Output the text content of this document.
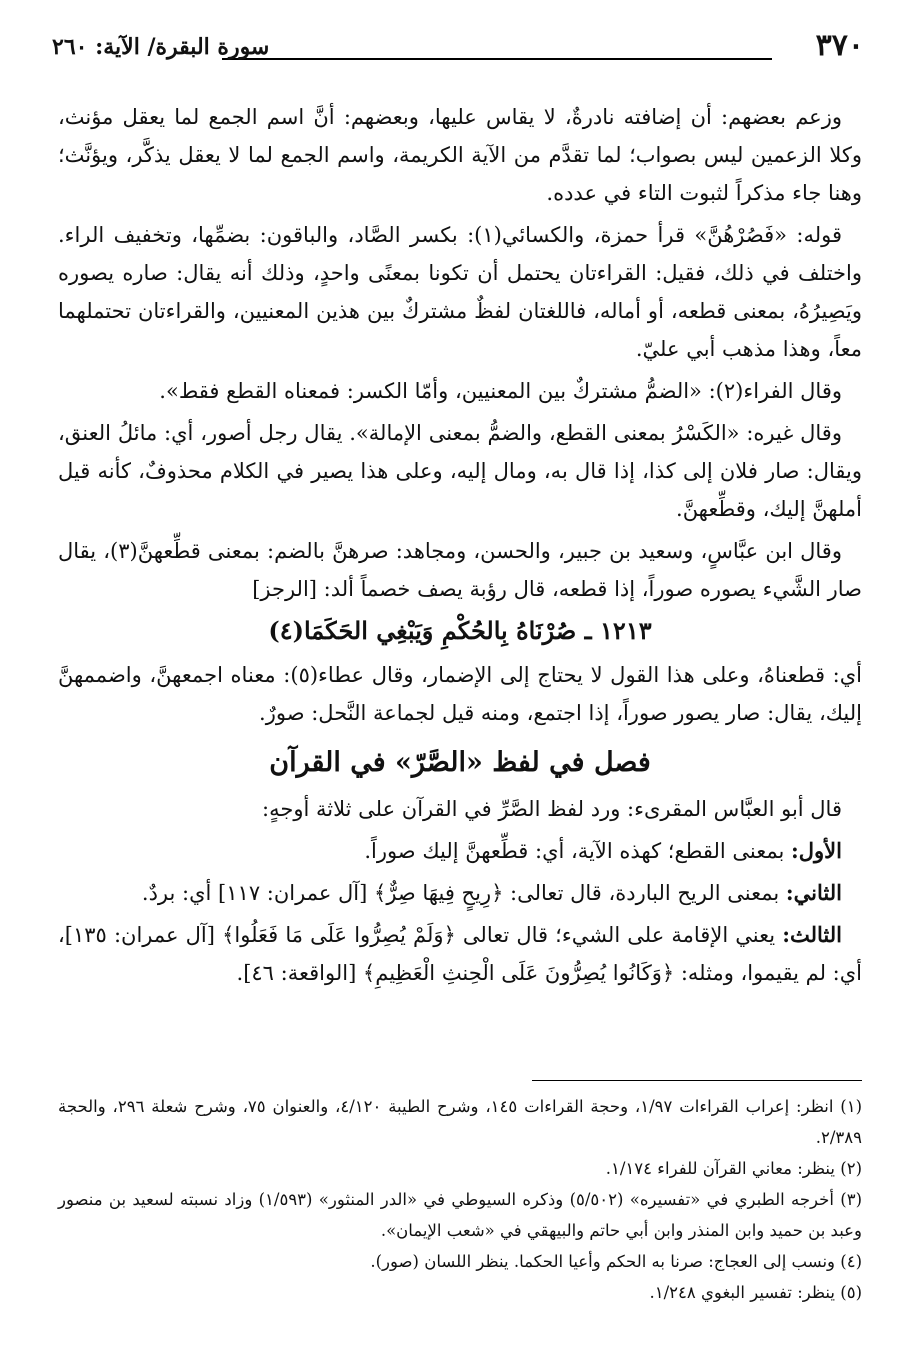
٣٧٠
سورة البقرة/ الآية: ٢٦٠

وزعم بعضهم: أن إضافته نادرةٌ، لا يقاس عليها، وبعضهم: أنَّ اسم الجمع لما يعقل مؤنث، وكلا الزعمين ليس بصواب؛ لما تقدَّم من الآية الكريمة، واسم الجمع لما لا يعقل يذكَّر، ويؤنَّث؛ وهنا جاء مذكراً لثبوت التاء في عدده.

قوله: «فَصُرْهُنَّ» قرأ حمزة، والكسائي(١): بكسر الصَّاد، والباقون: بضمِّها، وتخفيف الراء. واختلف في ذلك، فقيل: القراءتان يحتمل أن تكونا بمعنًى واحدٍ، وذلك أنه يقال: صاره يصوره ويَصِيرُهُ، بمعنى قطعه، أو أماله، فاللغتان لفظٌ مشتركٌ بين هذين المعنيين، والقراءتان تحتملهما معاً، وهذا مذهب أبي عليّ.

وقال الفراء(٢): «الضمُّ مشتركٌ بين المعنيين، وأمّا الكسر: فمعناه القطع فقط».

وقال غيره: «الكَسْرُ بمعنى القطع، والضمُّ بمعنى الإمالة». يقال رجل أصور، أي: مائلُ العنق، ويقال: صار فلان إلى كذا، إذا قال به، ومال إليه، وعلى هذا يصير في الكلام محذوفٌ، كأنه قيل أملهنَّ إليك، وقطِّعهنَّ.

وقال ابن عبَّاسٍ، وسعيد بن جبير، والحسن، ومجاهد: صرهنَّ بالضم: بمعنى قطِّعهنَّ(٣)، يقال صار الشَّيء يصوره صوراً، إذا قطعه، قال رؤبة يصف خصماً ألد: [الرجز]

١٢١٣ ـ صُرْنَاهُ بِالحُكْمِ وَيَبْغِي الحَكَمَا(٤)

أي: قطعناهُ، وعلى هذا القول لا يحتاج إلى الإضمار، وقال عطاء(٥): معناه اجمعهنَّ، واضممهنَّ إليك، يقال: صار يصور صوراً، إذا اجتمع، ومنه قيل لجماعة النَّحل: صورٌ.

فصل في لفظ «الصَّرّ» في القرآن

قال أبو العبَّاس المقرىء: ورد لفظ الصَّرِّ في القرآن على ثلاثة أوجهٍ:

الأول: بمعنى القطع؛ كهذه الآية، أي: قطِّعهنَّ إليك صوراً.

الثاني: بمعنى الريح الباردة، قال تعالى: ﴿رِيحٍ فِيهَا صِرٌّ﴾ [آل عمران: ١١٧] أي: بردٌ.

الثالث: يعني الإقامة على الشيء؛ قال تعالى ﴿وَلَمْ يُصِرُّوا عَلَى مَا فَعَلُوا﴾ [آل عمران: ١٣٥]، أي: لم يقيموا، ومثله: ﴿وَكَانُوا يُصِرُّونَ عَلَى الْحِنثِ الْعَظِيمِ﴾ [الواقعة: ٤٦].

(١) انظر: إعراب القراءات ١/٩٧، وحجة القراءات ١٤٥، وشرح الطيبة ٤/١٢٠، والعنوان ٧٥، وشرح شعلة ٢٩٦، والحجة ٢/٣٨٩.

(٢) ينظر: معاني القرآن للفراء ١/١٧٤.

(٣) أخرجه الطبري في «تفسيره» (٥/٥٠٢) وذكره السيوطي في «الدر المنثور» (١/٥٩٣) وزاد نسبته لسعيد بن منصور وعبد بن حميد وابن المنذر وابن أبي حاتم والبيهقي في «شعب الإيمان».

(٤) ونسب إلى العجاج: صرنا به الحكم وأعيا الحكما. ينظر اللسان (صور).

(٥) ينظر: تفسير البغوي ١/٢٤٨.
